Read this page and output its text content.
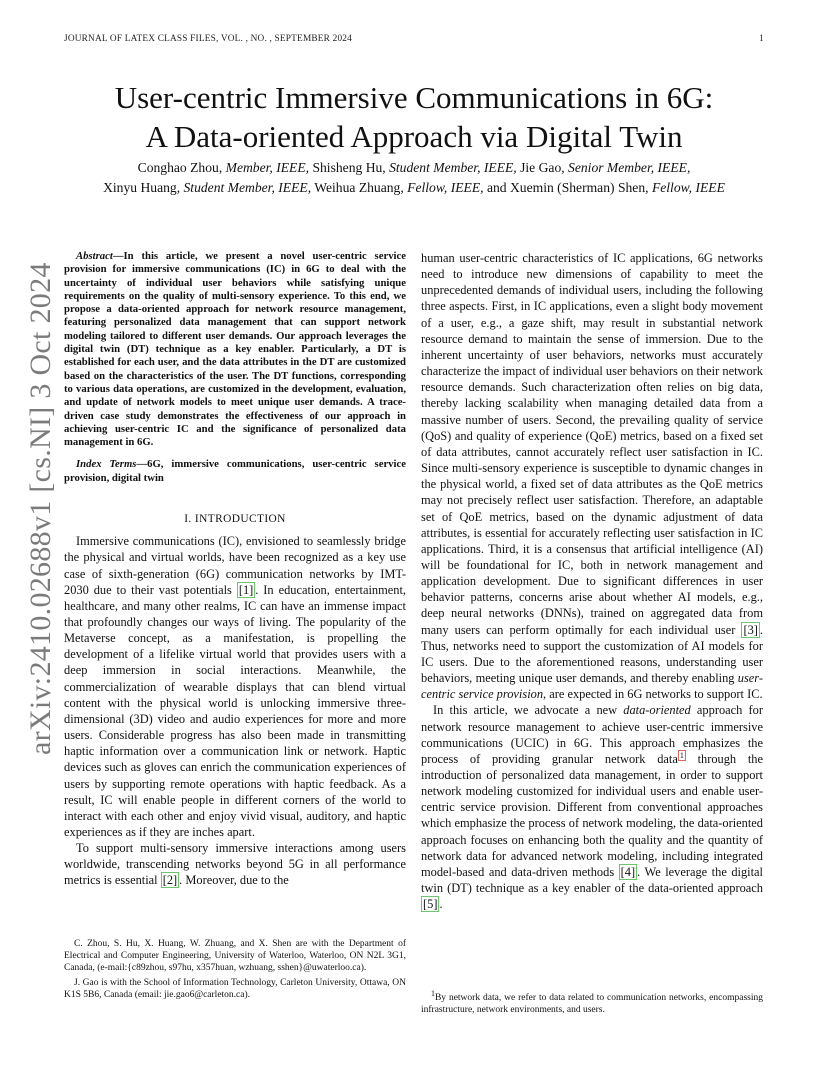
JOURNAL OF LATEX CLASS FILES, VOL. , NO. , SEPTEMBER 2024	1
arXiv:2410.02688v1 [cs.NI] 3 Oct 2024
User-centric Immersive Communications in 6G:
A Data-oriented Approach via Digital Twin
Conghao Zhou, Member, IEEE, Shisheng Hu, Student Member, IEEE, Jie Gao, Senior Member, IEEE,
Xinyu Huang, Student Member, IEEE, Weihua Zhuang, Fellow, IEEE, and Xuemin (Sherman) Shen, Fellow, IEEE

Abstract—In this article, we present a novel user-centric service provision for immersive communications (IC) in 6G to deal with the uncertainty of individual user behaviors while satisfying unique requirements on the quality of multi-sensory experience. To this end, we propose a data-oriented approach for network resource management, featuring personalized data management that can support network modeling tailored to different user demands. Our approach leverages the digital twin (DT) technique as a key enabler. Particularly, a DT is established for each user, and the data attributes in the DT are customized based on the characteristics of the user. The DT functions, corresponding to various data operations, are customized in the development, evaluation, and update of network models to meet unique user demands. A trace-driven case study demonstrates the effectiveness of our approach in achieving user-centric IC and the significance of personalized data management in 6G.

Index Terms—6G, immersive communications, user-centric service provision, digital twin

I. INTRODUCTION

Immersive communications (IC), envisioned to seamlessly bridge the physical and virtual worlds, have been recognized as a key use case of sixth-generation (6G) communication networks by IMT-2030 due to their vast potentials [1] . In education, entertainment, healthcare, and many other realms, IC can have an immense impact that profoundly changes our ways of living. The popularity of the Metaverse concept, as a manifestation, is propelling the development of a lifelike virtual world that provides users with a deep immersion in social interactions. Meanwhile, the commercialization of wearable displays that can blend virtual content with the physical world is unlocking immersive three-dimensional (3D) video and audio experiences for more and more users. Considerable progress has also been made in transmitting haptic information over a communication link or network. Haptic devices such as gloves can enrich the communication experiences of users by supporting remote operations with haptic feedback. As a result, IC will enable people in different corners of the world to interact with each other and enjoy vivid visual, auditory, and haptic experiences as if they are inches apart.

To support multi-sensory immersive interactions among users worldwide, transcending networks beyond 5G in all performance metrics is essential [2] . Moreover, due to the

human user-centric characteristics of IC applications, 6G networks need to introduce new dimensions of capability to meet the unprecedented demands of individual users, including the following three aspects. First, in IC applications, even a slight body movement of a user, e.g., a gaze shift, may result in substantial network resource demand to maintain the sense of immersion. Due to the inherent uncertainty of user behaviors, networks must accurately characterize the impact of individual user behaviors on their network resource demands. Such characterization often relies on big data, thereby lacking scalability when managing detailed data from a massive number of users. Second, the prevailing quality of service (QoS) and quality of experience (QoE) metrics, based on a fixed set of data attributes, cannot accurately reflect user satisfaction in IC. Since multi-sensory experience is susceptible to dynamic changes in the physical world, a fixed set of data attributes as the QoE metrics may not precisely reflect user satisfaction. Therefore, an adaptable set of QoE metrics, based on the dynamic adjustment of data attributes, is essential for accurately reflecting user satisfaction in IC applications. Third, it is a consensus that artificial intelligence (AI) will be foundational for IC, both in network management and application development. Due to significant differences in user behavior patterns, concerns arise about whether AI models, e.g., deep neural networks (DNNs), trained on aggregated data from many users can perform optimally for each individual user [3] . Thus, networks need to support the customization of AI models for IC users. Due to the aforementioned reasons, understanding user behaviors, meeting unique user demands, and thereby enabling user-centric service provision, are expected in 6G networks to support IC.

In this article, we advocate a new data-oriented approach for network resource management to achieve user-centric immersive communications (UCIC) in 6G. This approach emphasizes the process of providing granular network data $^1$ through the introduction of personalized data management, in order to support network modeling customized for individual users and enable user-centric service provision. Different from conventional approaches which emphasize the process of network modeling, the data-oriented approach focuses on enhancing both the quality and the quantity of network data for advanced network modeling, including integrated model-based and data-driven methods [4] . We leverage the digital twin (DT) technique as a key enabler of the data-oriented approach [5] .

C. Zhou, S. Hu, X. Huang, W. Zhuang, and X. Shen are with the Department of Electrical and Computer Engineering, University of Waterloo, Waterloo, ON N2L 3G1, Canada, (e-mail:{c89zhou, s97hu, x357huan, wzhuang, sshen}@uwaterloo.ca).

J. Gao is with the School of Information Technology, Carleton University, Ottawa, ON K1S 5B6, Canada (email: jie.gao6@carleton.ca).	$^1$By network data, we refer to data related to communication networks, encompassing infrastructure, network environments, and users.
